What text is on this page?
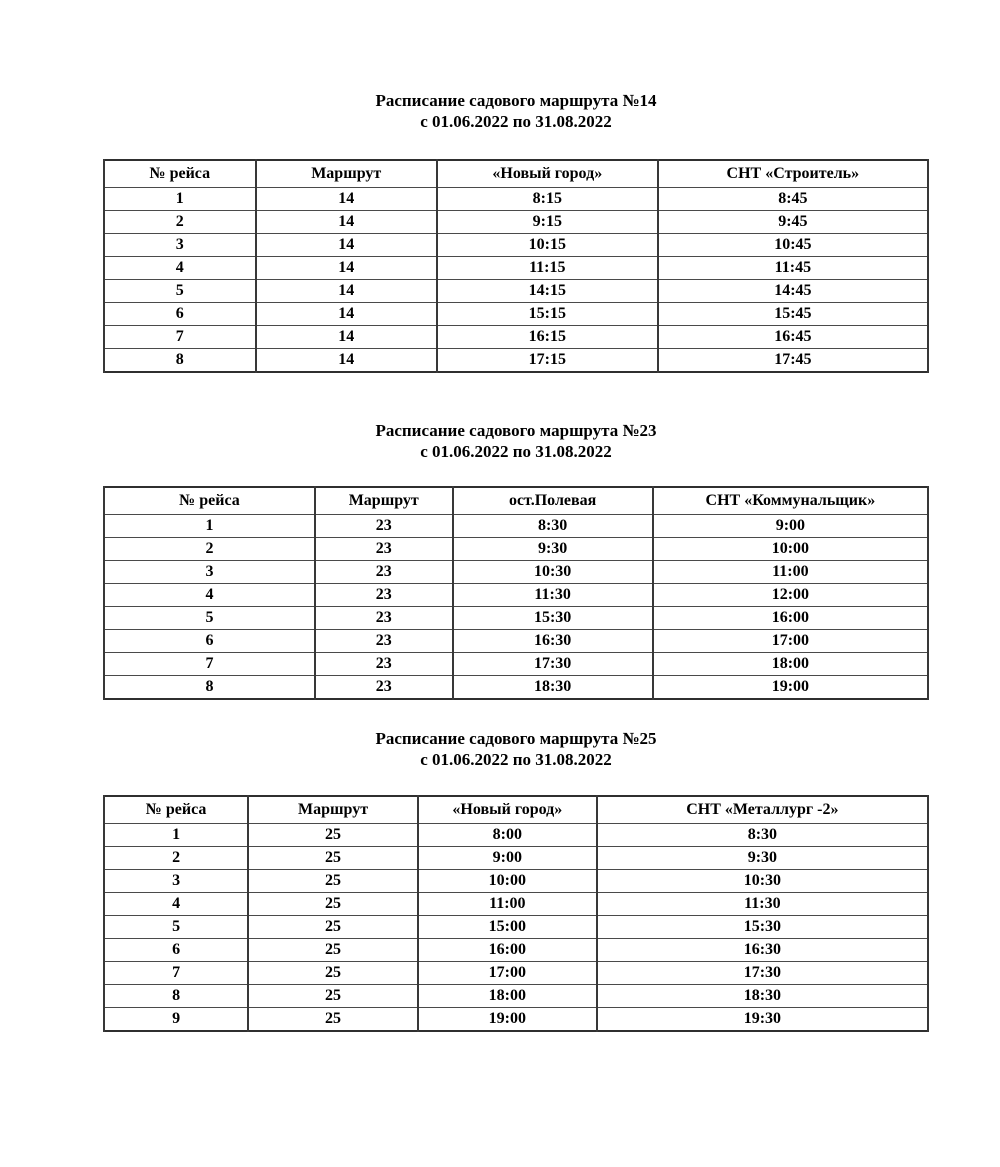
Расписание садового маршрута №14
с 01.06.2022 по 31.08.2022
№ рейса	Маршрут	«Новый город»	СНТ «Строитель»
1	14	8:15	8:45
2	14	9:15	9:45
3	14	10:15	10:45
4	14	11:15	11:45
5	14	14:15	14:45
6	14	15:15	15:45
7	14	16:15	16:45
8	14	17:15	17:45
Расписание садового маршрута №23
с 01.06.2022 по 31.08.2022
№ рейса	Маршрут	ост.Полевая	СНТ «Коммунальщик»
1	23	8:30	9:00
2	23	9:30	10:00
3	23	10:30	11:00
4	23	11:30	12:00
5	23	15:30	16:00
6	23	16:30	17:00
7	23	17:30	18:00
8	23	18:30	19:00
Расписание садового маршрута №25
с 01.06.2022 по 31.08.2022
№ рейса	Маршрут	«Новый город»	СНТ «Металлург -2»
1	25	8:00	8:30
2	25	9:00	9:30
3	25	10:00	10:30
4	25	11:00	11:30
5	25	15:00	15:30
6	25	16:00	16:30
7	25	17:00	17:30
8	25	18:00	18:30
9	25	19:00	19:30
